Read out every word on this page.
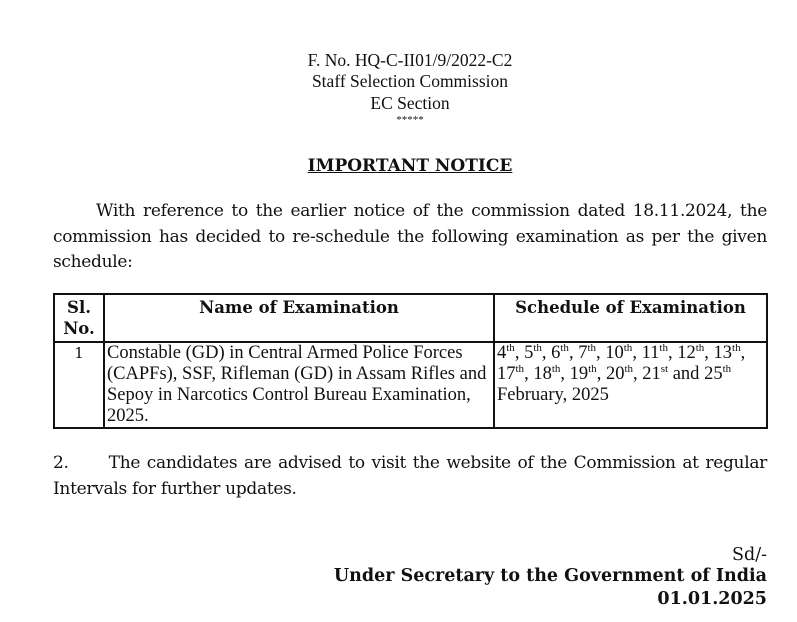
F. No. HQ-C-II01/9/2022-C2
Staff Selection Commission
EC Section
*****
IMPORTANT NOTICE
With reference to the earlier notice of the commission dated 18.11.2024, the commission has decided to re-schedule the following examination as per the given schedule:
Sl. No.	Name of Examination	Schedule of Examination
1	Constable (GD) in Central Armed Police Forces (CAPFs), SSF, Rifleman (GD) in Assam Rifles and Sepoy in Narcotics Control Bureau Examination, 2025.	4th, 5th, 6th, 7th, 10th, 11th, 12th, 13th, 17th, 18th, 19th, 20th, 21st and 25th February, 2025
2.      The candidates are advised to visit the website of the Commission at regular Intervals for further updates.
Sd/-
Under Secretary to the Government of India
01.01.2025
